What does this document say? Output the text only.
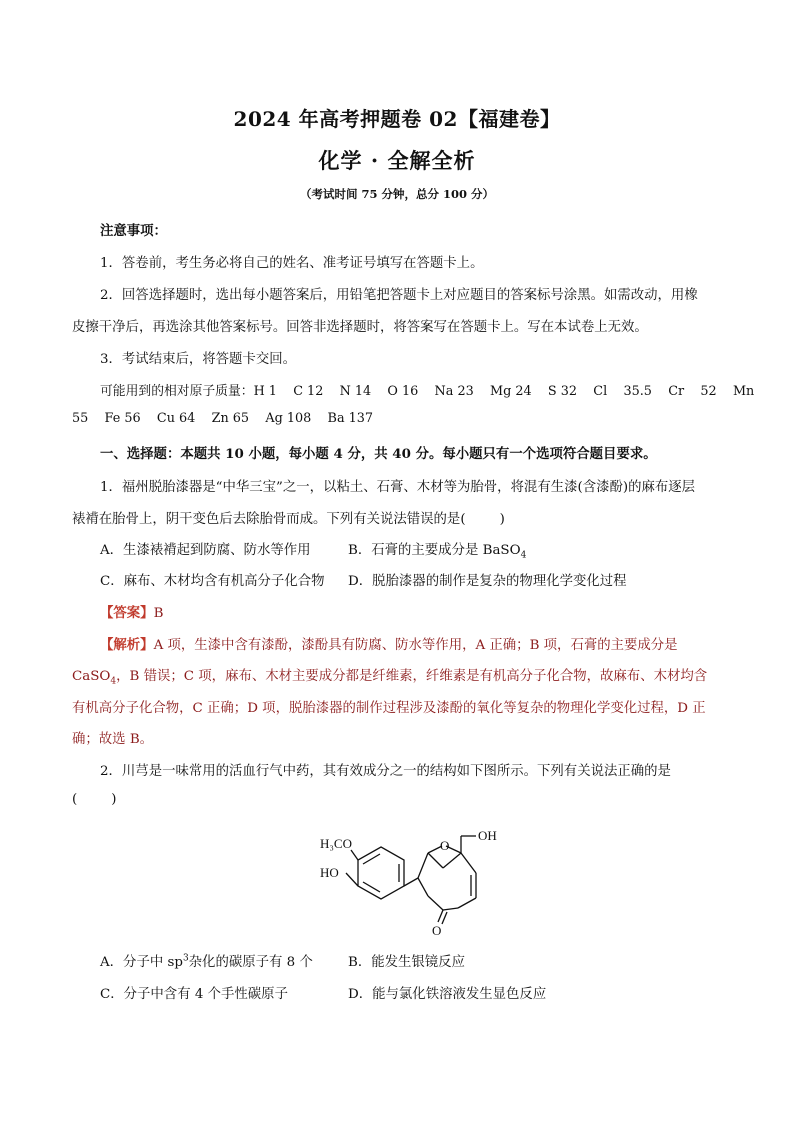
2024 年高考押题卷 02【福建卷】
化学 · 全解全析
（考试时间 75 分钟，总分 100 分）
注意事项：
1．答卷前，考生务必将自己的姓名、准考证号填写在答题卡上。
2．回答选择题时，选出每小题答案后，用铅笔把答题卡上对应题目的答案标号涂黑。如需改动，用橡
皮擦干净后，再选涂其他答案标号。回答非选择题时，将答案写在答题卡上。写在本试卷上无效。
3．考试结束后，将答题卡交回。
可能用到的相对原子质量：H 1    C 12    N 14    O 16    Na 23    Mg 24    S 32    Cl    35.5    Cr    52    Mn
55    Fe 56    Cu 64    Zn 65    Ag 108    Ba 137
一、选择题：本题共 10 小题，每小题 4 分，共 40 分。每小题只有一个选项符合题目要求。
1．福州脱胎漆器是“中华三宝”之一，以粘土、石膏、木材等为胎骨，将混有生漆(含漆酚)的麻布逐层
裱褙在胎骨上，阴干变色后去除胎骨而成。下列有关说法错误的是(        )
A．生漆裱褙起到防腐、防水等作用	B．石膏的主要成分是 BaSO$_4$
C．麻布、木材均含有机高分子化合物 D．脱胎漆器的制作是复杂的物理化学变化过程
【答案】B
【解析】A 项，生漆中含有漆酚，漆酚具有防腐、防水等作用，A 正确；B 项，石膏的主要成分是
CaSO$_4$，B 错误；C 项，麻布、木材主要成分都是纤维素，纤维素是有机高分子化合物，故麻布、木材均含
有机高分子化合物，C 正确；D 项，脱胎漆器的制作过程涉及漆酚的氧化等复杂的物理化学变化过程，D 正
确；故选 B。
2．川芎是一味常用的活血行气中药，其有效成分之一的结构如下图所示。下列有关说法正确的是
(        )
H₃CO
HO
O
OH
O
A．分子中 $sp^3$杂化的碳原子有 8 个	B．能发生银镜反应
C．分子中含有 4 个手性碳原子	D．能与氯化铁溶液发生显色反应
